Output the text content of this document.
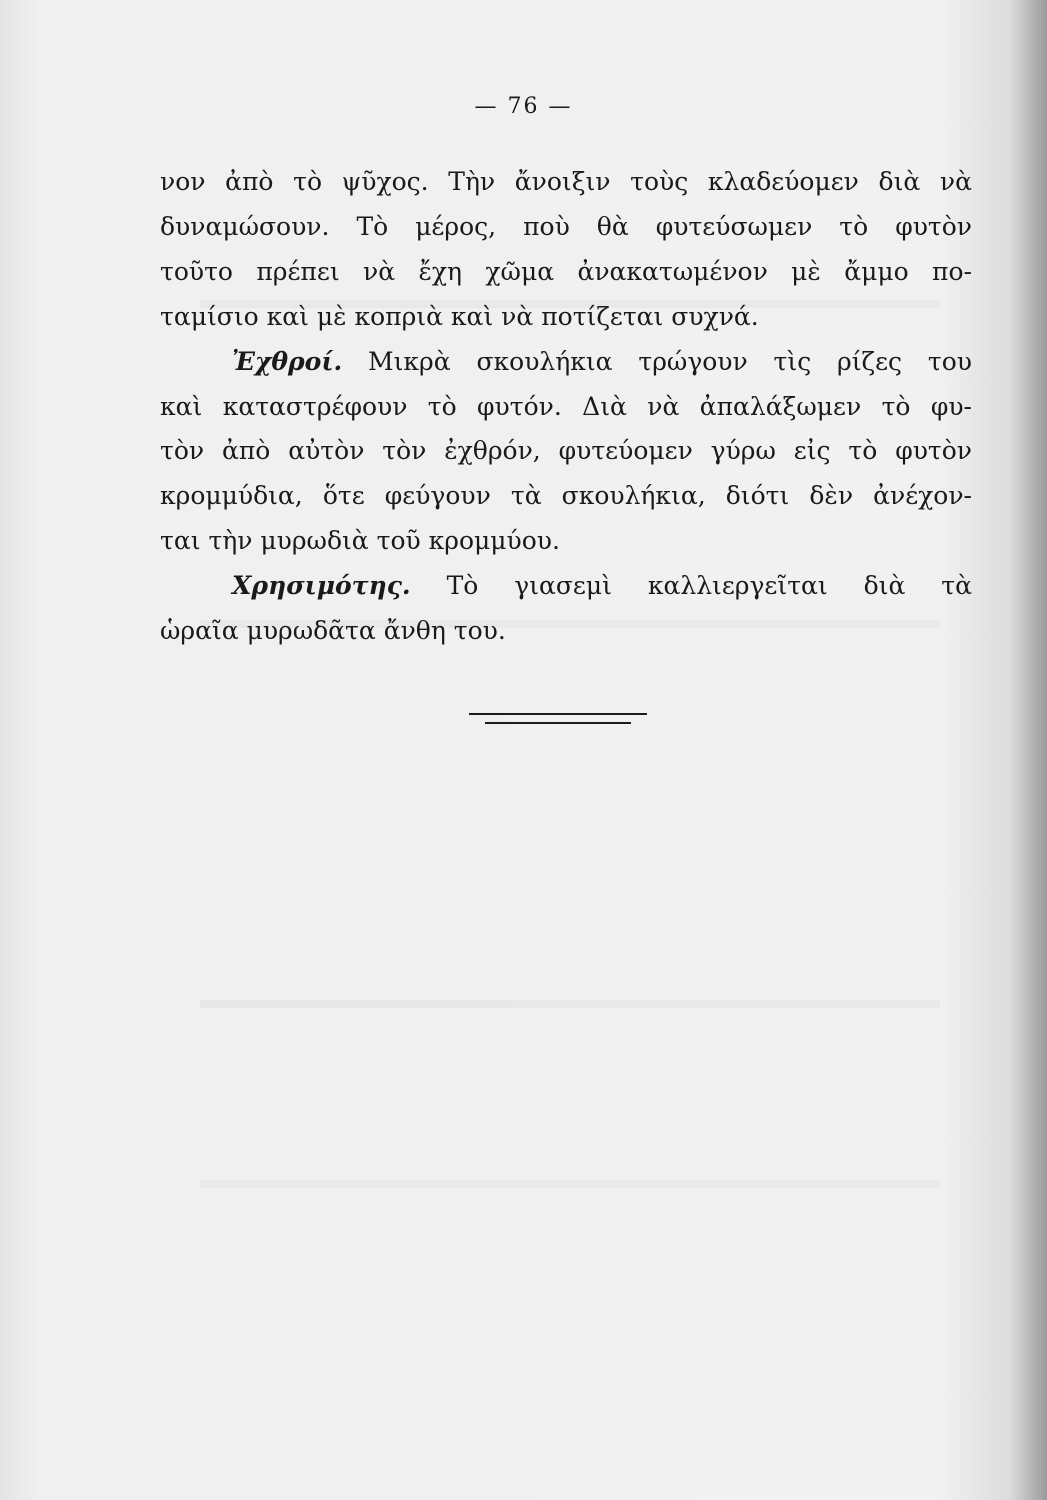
— 76 —
νον ἀπὸ τὸ ψῦχος. Τὴν ἄνοιξιν τοὺς κλαδεύομεν διὰ νὰ
δυναμώσουν. Τὸ μέρος, ποὺ θὰ φυτεύσωμεν τὸ φυτὸν
τοῦτο πρέπει νὰ ἔχη χῶμα ἀνακατωμένον μὲ ἄμμο πο-
ταμίσιο καὶ μὲ κοπριὰ καὶ νὰ ποτίζεται συχνά.
Ἐχθροί. Μικρὰ σκουλήκια τρώγουν τὶς ρίζες του
καὶ καταστρέφουν τὸ φυτόν. Διὰ νὰ ἀπαλάξωμεν τὸ φυ-
τὸν ἀπὸ αὐτὸν τὸν ἐχθρόν, φυτεύομεν γύρω εἰς τὸ φυτὸν
κρομμύδια, ὅτε φεύγουν τὰ σκουλήκια, διότι δὲν ἀνέχον-
ται τὴν μυρωδιὰ τοῦ κρομμύου.
Χρησιμότης. Τὸ γιασεμὶ καλλιεργεῖται διὰ τὰ
ὡραῖα μυρωδᾶτα ἄνθη του.
